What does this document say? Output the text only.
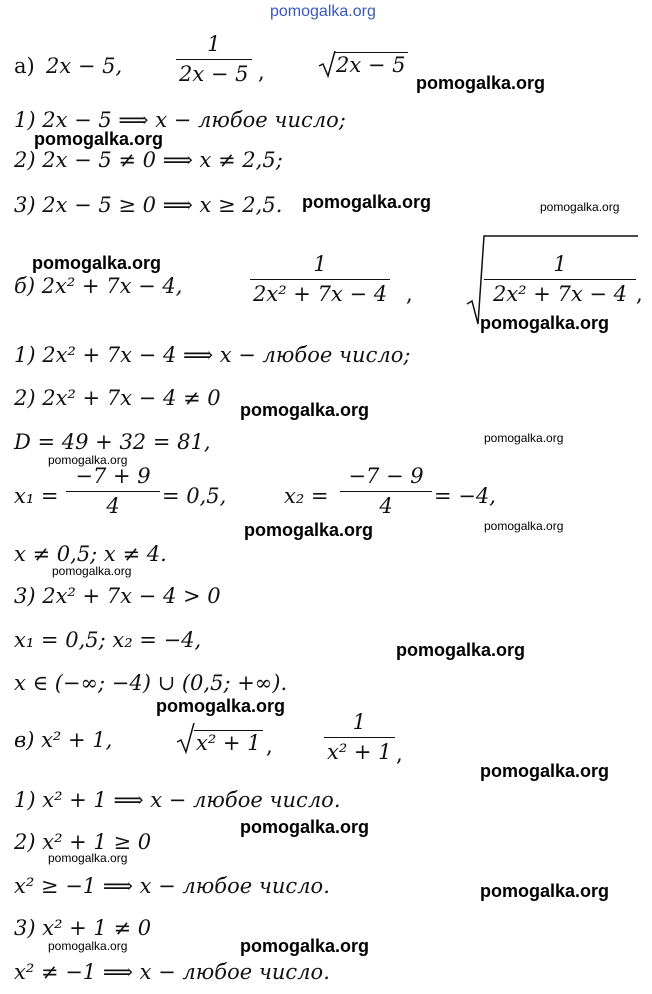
pomogalka.org
а) 2x − 5,
1
2x − 5 ,	2x − 5
pomogalka.org
1) 2x − 5 ⟹ x − любое число;
pomogalka.org
2) 2x − 5 ≠ 0 ⟹ x ≠ 2,5;
3) 2x − 5 ≥ 0 ⟹ x ≥ 2,5. pomogalka.org	pomogalka.org
pomogalka.org
б) 2x² + 7x − 4,
1
2x² + 7x − 4 ,
1
2x² + 7x − 4 ,
pomogalka.org
1) 2x² + 7x − 4 ⟹ x − любое число;
2) 2x² + 7x − 4 ≠ 0 pomogalka.org
D = 49 + 32 = 81,	pomogalka.org
pomogalka.org
x₁ =
−7 + 9
4	= 0,5,	x₂ =
−7 − 9
4	= −4,
pomogalka.org	pomogalka.org
x ≠ 0,5; x ≠ 4.
pomogalka.org
3) 2x² + 7x − 4 > 0
x₁ = 0,5; x₂ = −4,	pomogalka.org
x ∈ (−∞; −4) ∪ (0,5; +∞).
pomogalka.org
в) x² + 1,	x² + 1 ,
1
x² + 1 ,
pomogalka.org
1) x² + 1 ⟹ x − любое число.
pomogalka.org
2) x² + 1 ≥ 0
pomogalka.org
x² ≥ −1 ⟹ x − любое число.	pomogalka.org
3) x² + 1 ≠ 0
pomogalka.org	pomogalka.org
x² ≠ −1 ⟹ x − любое число.
